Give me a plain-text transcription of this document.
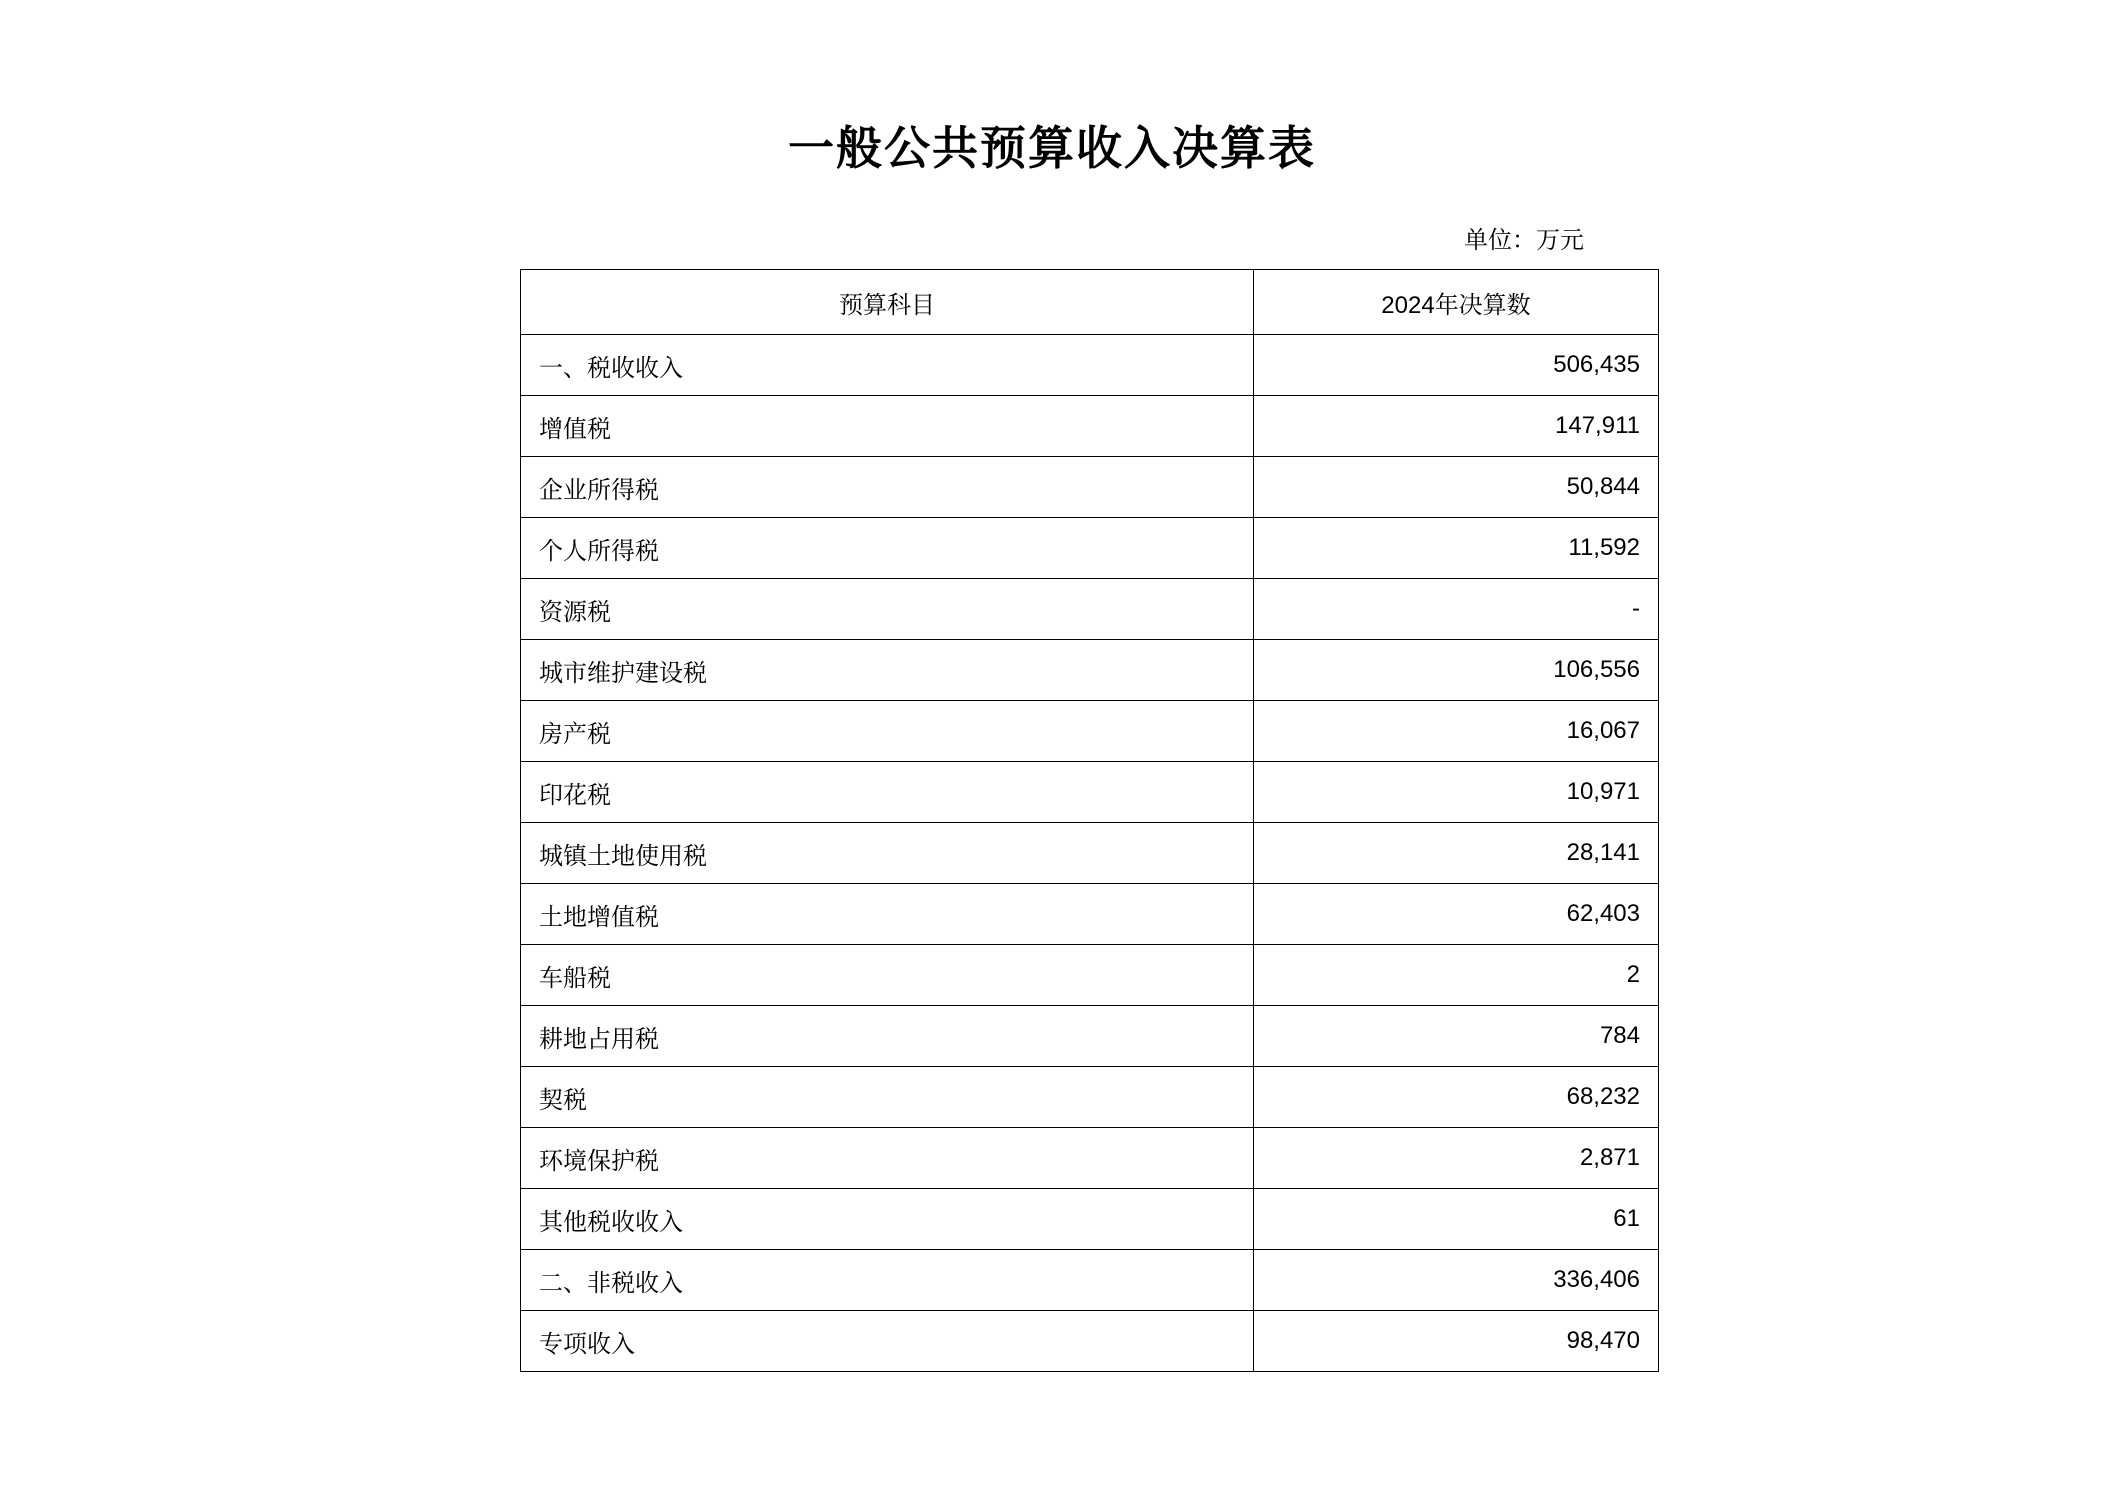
一般公共预算收入决算表
单位：万元
预算科目	2024年决算数
一、税收收入	506,435
增值税	147,911
企业所得税	50,844
个人所得税	11,592
资源税	-
城市维护建设税	106,556
房产税	16,067
印花税	10,971
城镇土地使用税	28,141
土地增值税	62,403
车船税	2
耕地占用税	784
契税	68,232
环境保护税	2,871
其他税收收入	61
二、非税收入	336,406
专项收入	98,470
